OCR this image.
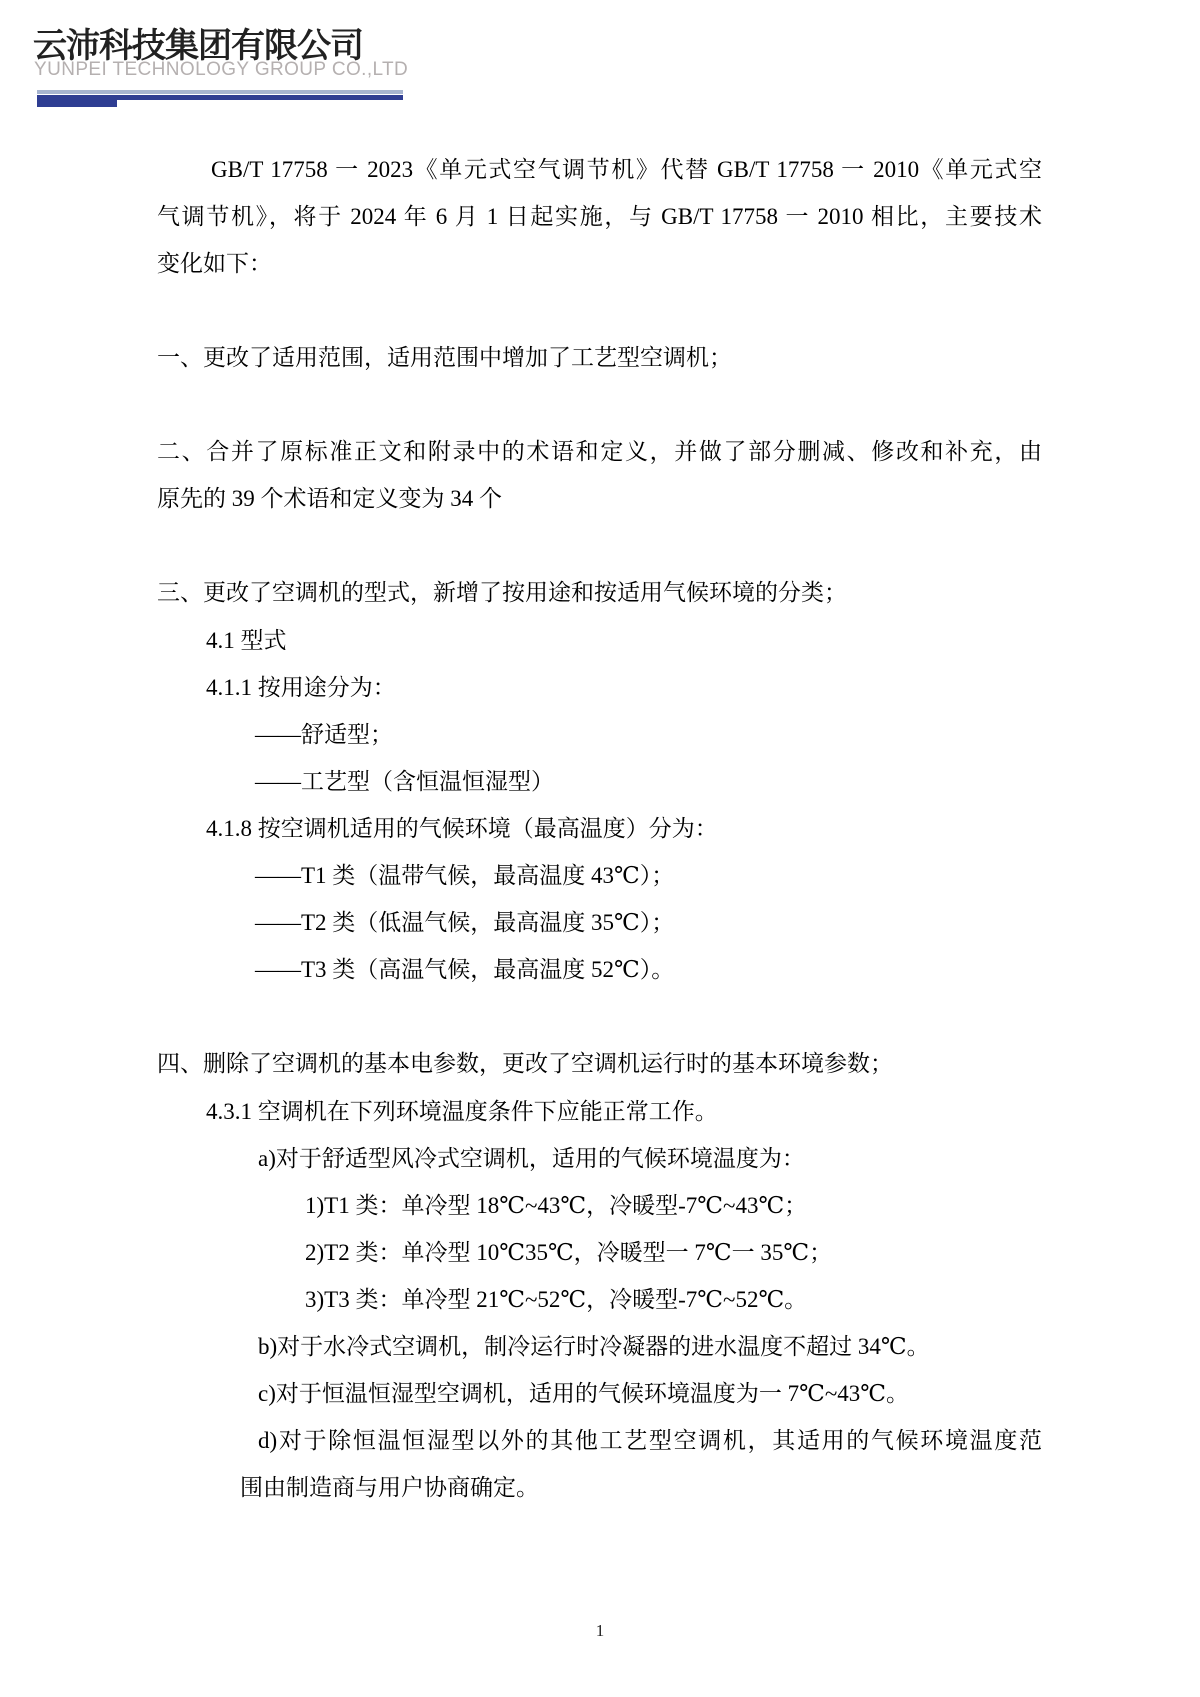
云沛科技集团有限公司
YUNPEI TECHNOLOGY GROUP CO.,LTD
GB/T 17758 一 2023《单元式空气调节机》代替 GB/T 17758 一 2010《单元式空
气调节机》，将于 2024 年 6 月 1 日起实施，与 GB/T 17758 一 2010 相比，主要技术
变化如下：
一、更改了适用范围，适用范围中增加了工艺型空调机；
二、合并了原标准正文和附录中的术语和定义，并做了部分删减、修改和补充，由
原先的 39 个术语和定义变为 34 个
三、更改了空调机的型式，新增了按用途和按适用气候环境的分类；
4.1 型式
4.1.1 按用途分为：
——舒适型；
——工艺型（含恒温恒湿型）
4.1.8 按空调机适用的气候环境（最高温度）分为：
——T1 类（温带气候，最高温度 43℃）；
——T2 类（低温气候，最高温度 35℃）；
——T3 类（高温气候，最高温度 52℃）。
四、删除了空调机的基本电参数，更改了空调机运行时的基本环境参数；
4.3.1 空调机在下列环境温度条件下应能正常工作。
a)对于舒适型风冷式空调机，适用的气候环境温度为：
1)T1 类：单冷型 18℃~43℃，冷暖型-7℃~43℃；
2)T2 类：单冷型 10℃35℃，冷暖型一 7℃一 35℃；
3)T3 类：单冷型 21℃~52℃，冷暖型-7℃~52℃。
b)对于水冷式空调机，制冷运行时冷凝器的进水温度不超过 34℃。
c)对于恒温恒湿型空调机，适用的气候环境温度为一 7℃~43℃。
d)对于除恒温恒湿型以外的其他工艺型空调机，其适用的气候环境温度范
围由制造商与用户协商确定。
1
